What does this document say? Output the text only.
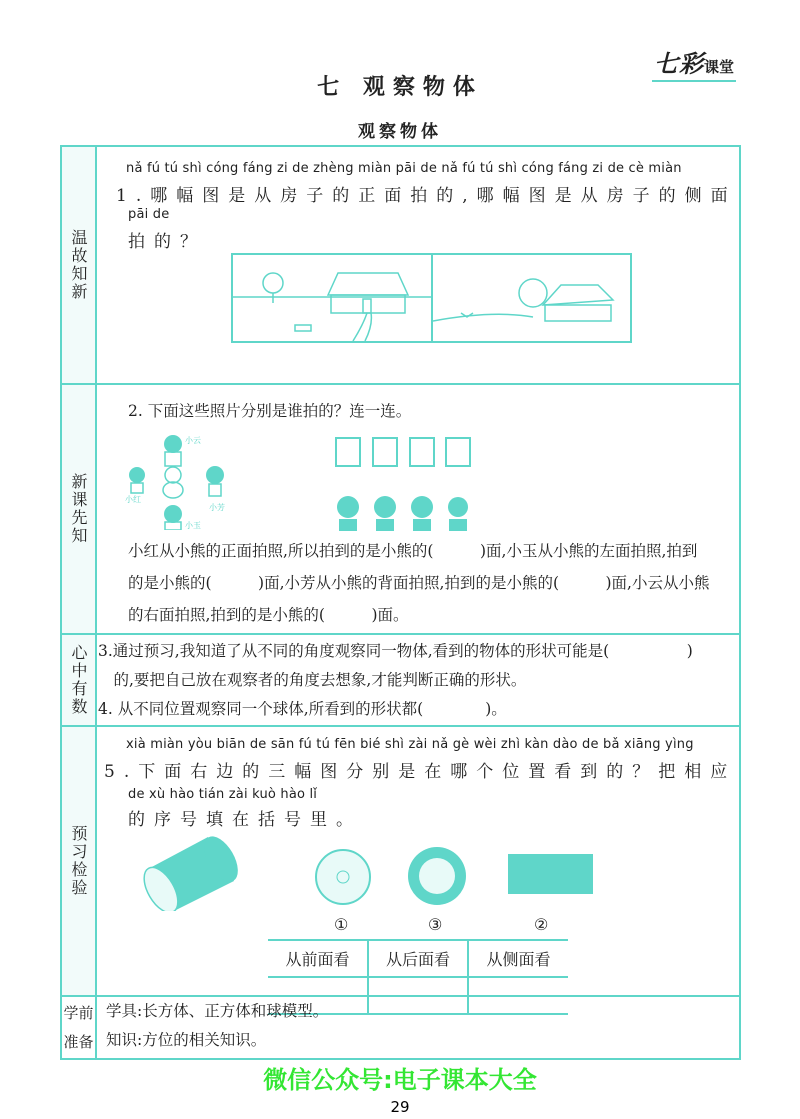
七彩课堂
七 观察物体
观察物体
温故知新
nǎ fú tú shì cóng fáng zi de zhèng miàn pāi de nǎ fú tú shì cóng fáng zi de cè miàn
1.哪幅图是从房子的正面拍的,哪幅图是从房子的侧面
pāi de
拍的？
新课先知
2. 下面这些照片分别是谁拍的？连一连。
小云
小红
小芳
小玉
小红从小熊的正面拍照,所以拍到的是小熊的(　　　)面,小玉从小熊的左面拍照,拍到
的是小熊的(　　　)面,小芳从小熊的背面拍照,拍到的是小熊的(　　　)面,小云从小熊
的右面拍照,拍到的是小熊的(　　　)面。
心中有数 3.通过预习,我知道了从不同的角度观察同一物体,看到的物体的形状可能是(　　　　　)
　的,要把自己放在观察者的角度去想象,才能判断正确的形状。
4. 从不同位置观察同一个球体,所看到的形状都(　　　　)。
预习检验
xià miàn yòu biān de sān fú tú fēn bié shì zài nǎ gè wèi zhì kàn dào de bǎ xiāng yìng
5.下面右边的三幅图分别是在哪个位置看到的？把相应
de xù hào tián zài kuò hào lǐ
的序号填在括号里。
①	③	②
从前面看	从后面看	从侧面看

学前
准备
学具:长方体、正方体和球模型。
知识:方位的相关知识。
微信公众号:电子课本大全
29
